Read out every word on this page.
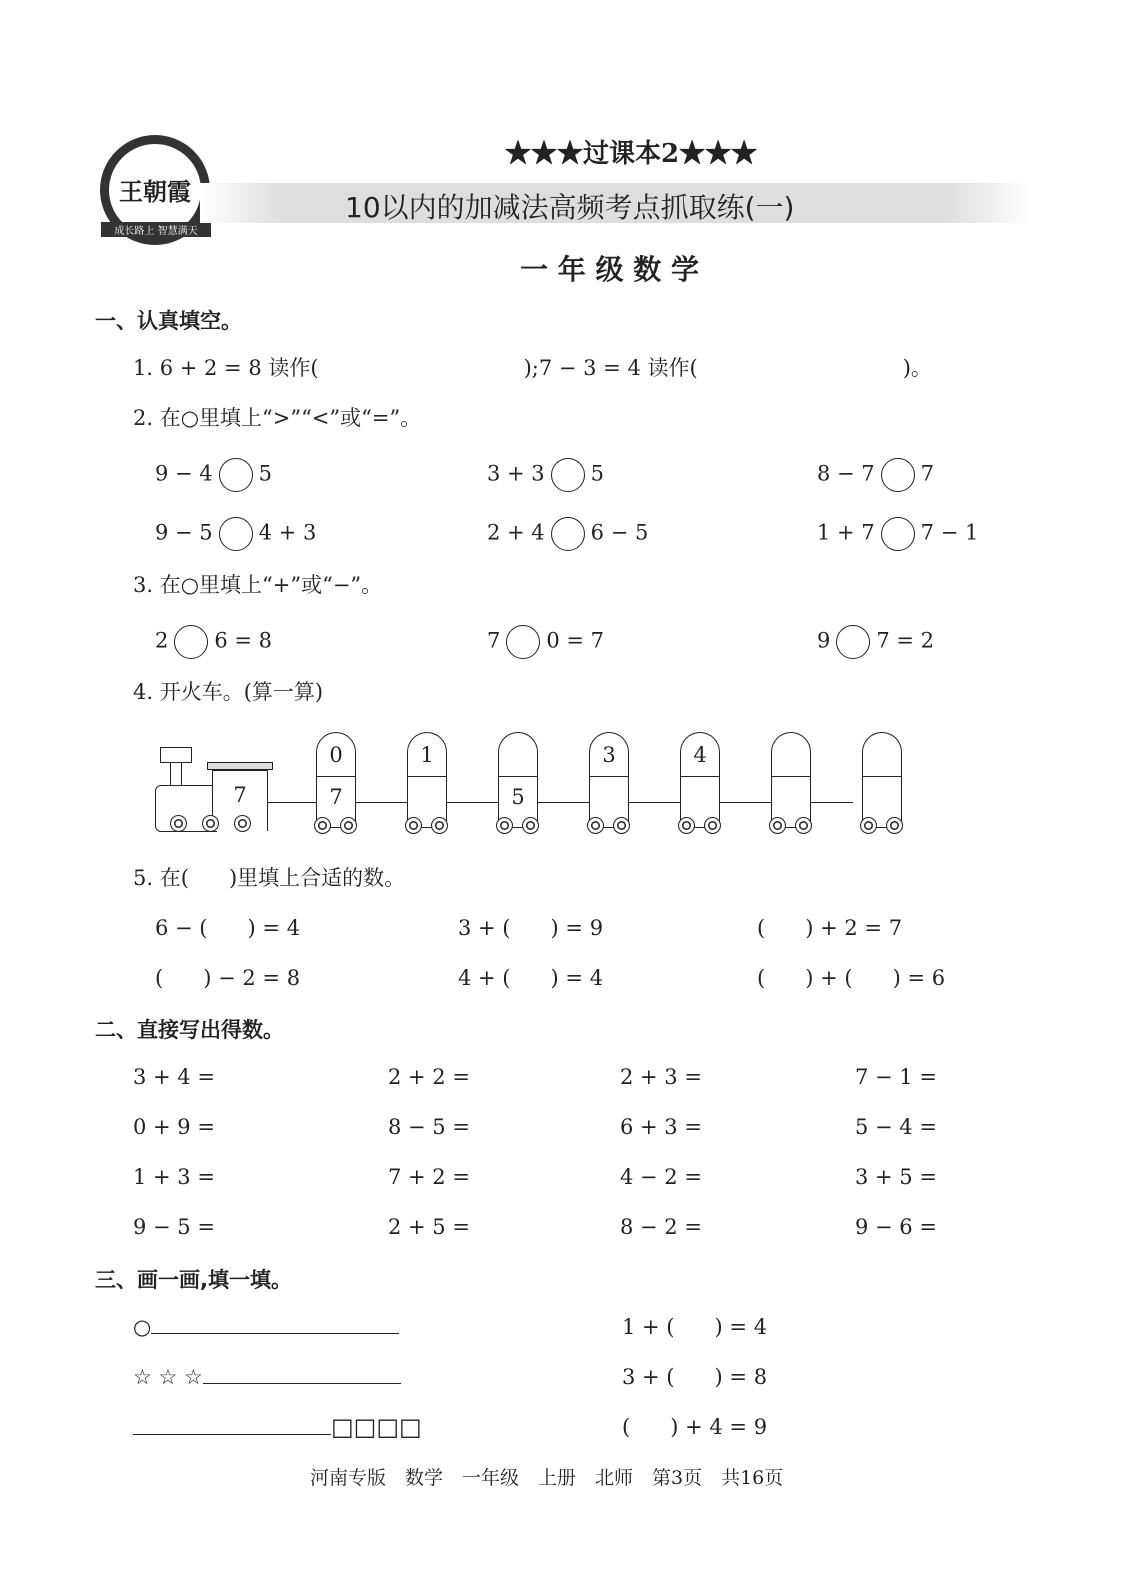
王朝霞
成长路上 智慧满天
★★★过课本2★★★
10以内的加减法高频考点抓取练(一)
一 年 级 数 学
一、认真填空。
1. 6 + 2 = 8 读作(	);7 − 3 = 4 读作(	)。
2. 在○里填上“>”“<”或“=”。
3. 在○里填上“+”或“−”。
4. 开火车。(算一算)
7
0
7
1
5
3	4
5. 在(      )里填上合适的数。
二、直接写出得数。
三、画一画,填一填。
○
☆ ☆ ☆
□□□□
1 + (      ) = 4
3 + (      ) = 8
(      ) + 4 = 9
河南专版　数学　一年级　上册　北师　第3页　共16页
9 − 4 5	3 + 3 5	8 − 7 7
9 − 5 4 + 3	2 + 4 6 − 5	1 + 7 7 − 1
2 6 = 8	7 0 = 7	9 7 = 2
6 − (      ) = 4	3 + (      ) = 9	(      ) + 2 = 7
(      ) − 2 = 8	4 + (      ) = 4	(      ) + (      ) = 6
3 + 4 =	2 + 2 =	2 + 3 =	7 − 1 =
0 + 9 =	8 − 5 =	6 + 3 =	5 − 4 =
1 + 3 =	7 + 2 =	4 − 2 =	3 + 5 =
9 − 5 =	2 + 5 =	8 − 2 =	9 − 6 =
